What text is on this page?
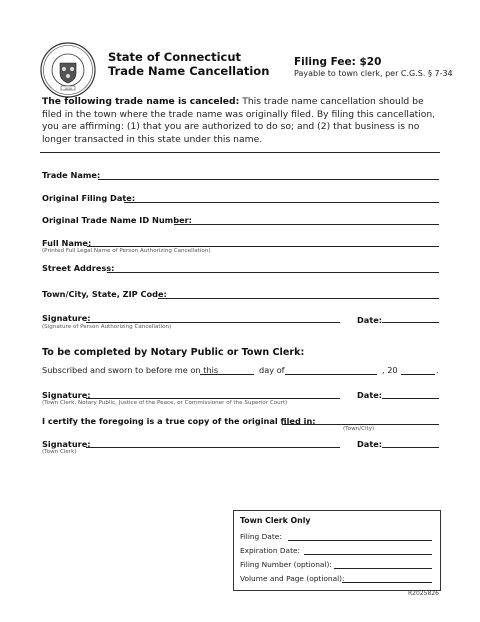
1639
State of Connecticut
Trade Name Cancellation
Filing Fee: $20
Payable to town clerk, per C.G.S. § 7-34
The following trade name is canceled: This trade name cancellation should be filed in the town where the trade name was originally filed. By filing this cancellation, you are affirming: (1) that you are authorized to do so; and (2) that business is no longer transacted in this state under this name.
Trade Name:
Original Filing Date:
Original Trade Name ID Number:
Full Name:
(Printed Full Legal Name of Person Authorizing Cancellation)
Street Address:
Town/City, State, ZIP Code:
Signature:
(Signature of Person Authorizing Cancellation)
Date:
To be completed by Notary Public or Town Clerk:
Subscribed and sworn to before me on this	day of	, 20	.
Signature:
(Town Clerk, Notary Public, Justice of the Peace, or Commissioner of the Superior Court)
Date:
I certify the foregoing is a true copy of the original filed in:
(Town/City)
Signature:
(Town Clerk)
Date:
Town Clerk Only
Filing Date:
Expiration Date:
Filing Number (optional):
Volume and Page (optional):
R2025826
